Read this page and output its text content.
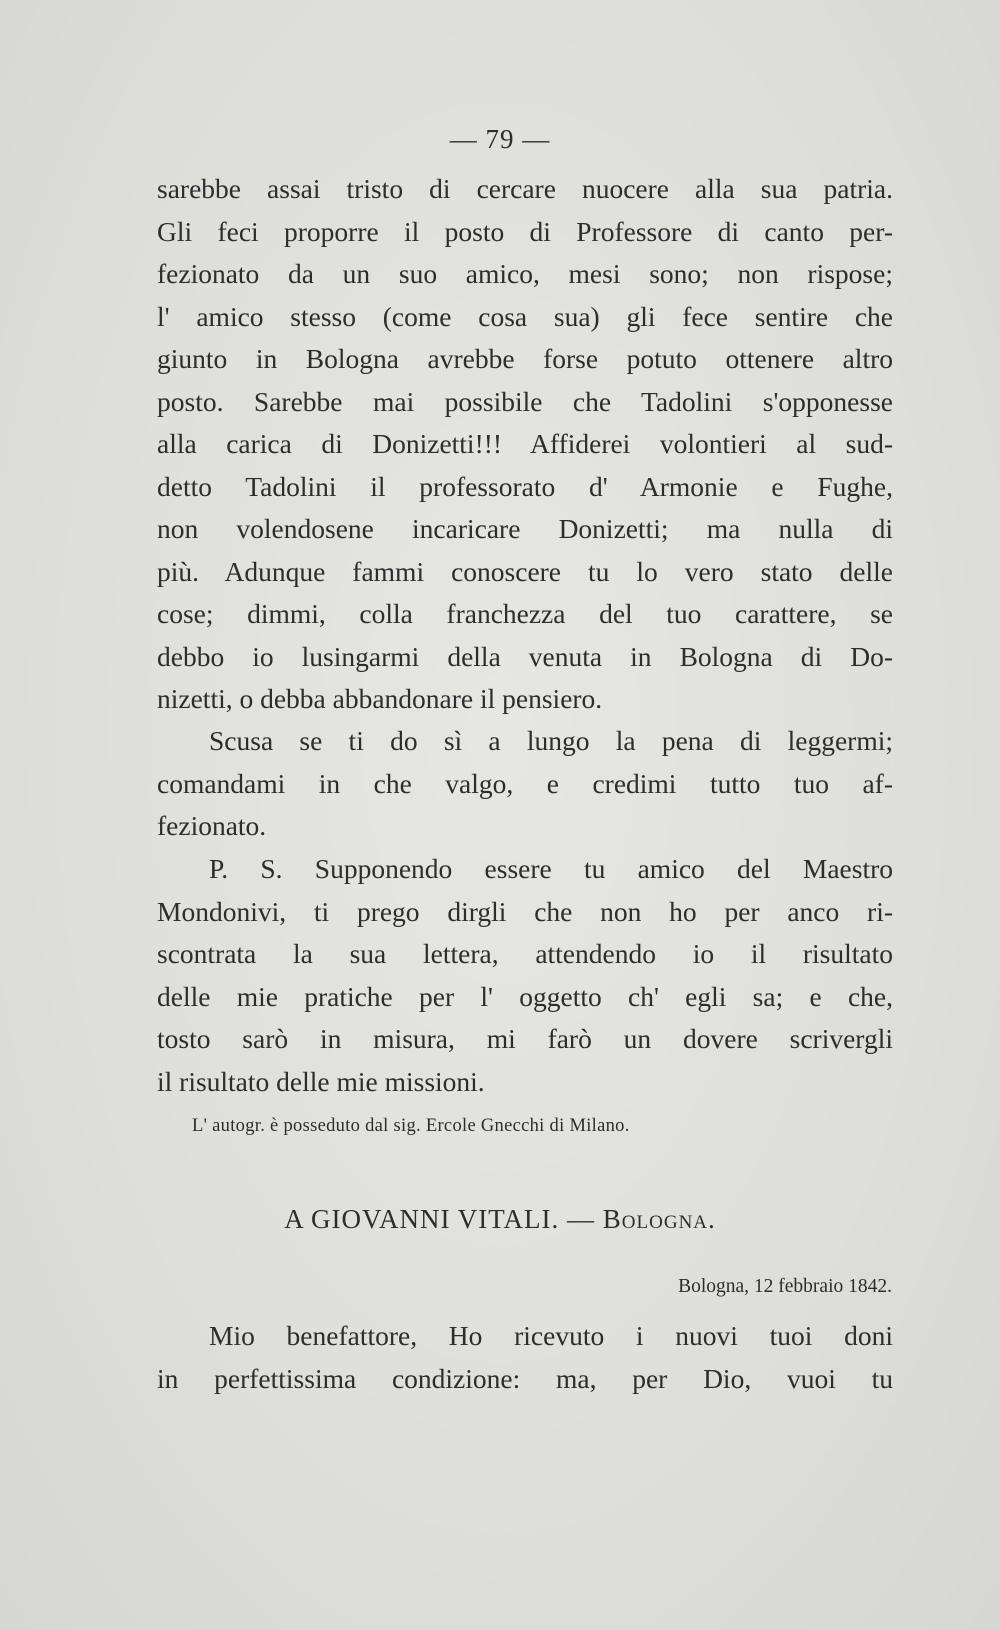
— 79 —
sarebbe assai tristo di cercare nuocere alla sua patria.
Gli feci proporre il posto di Professore di canto per-
fezionato da un suo amico, mesi sono; non rispose;
l' amico stesso (come cosa sua) gli fece sentire che
giunto in Bologna avrebbe forse potuto ottenere altro
posto. Sarebbe mai possibile che Tadolini s'opponesse
alla carica di Donizetti!!! Affiderei volontieri al sud-
detto Tadolini il professorato d' Armonie e Fughe,
non volendosene incaricare Donizetti; ma nulla di
più. Adunque fammi conoscere tu lo vero stato delle
cose; dimmi, colla franchezza del tuo carattere, se
debbo io lusingarmi della venuta in Bologna di Do-
nizetti, o debba abbandonare il pensiero.
Scusa se ti do sì a lungo la pena di leggermi;
comandami in che valgo, e credimi tutto tuo af-
fezionato.
P. S. Supponendo essere tu amico del Maestro
Mondonivi, ti prego dirgli che non ho per anco ri-
scontrata la sua lettera, attendendo io il risultato
delle mie pratiche per l' oggetto ch' egli sa; e che,
tosto sarò in misura, mi farò un dovere scrivergli
il risultato delle mie missioni.
L' autogr. è posseduto dal sig. Ercole Gnecchi di Milano.
A GIOVANNI VITALI. — Bologna.
Bologna, 12 febbraio 1842.
Mio benefattore, Ho ricevuto i nuovi tuoi doni
in perfettissima condizione: ma, per Dio, vuoi tu
